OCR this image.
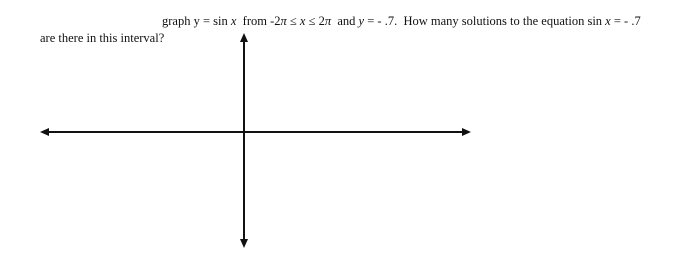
graph y = sin x  from -2π ≤ x ≤ 2π  and y = - .7.  How many solutions to the equation sin x = - .7
are there in this interval?
